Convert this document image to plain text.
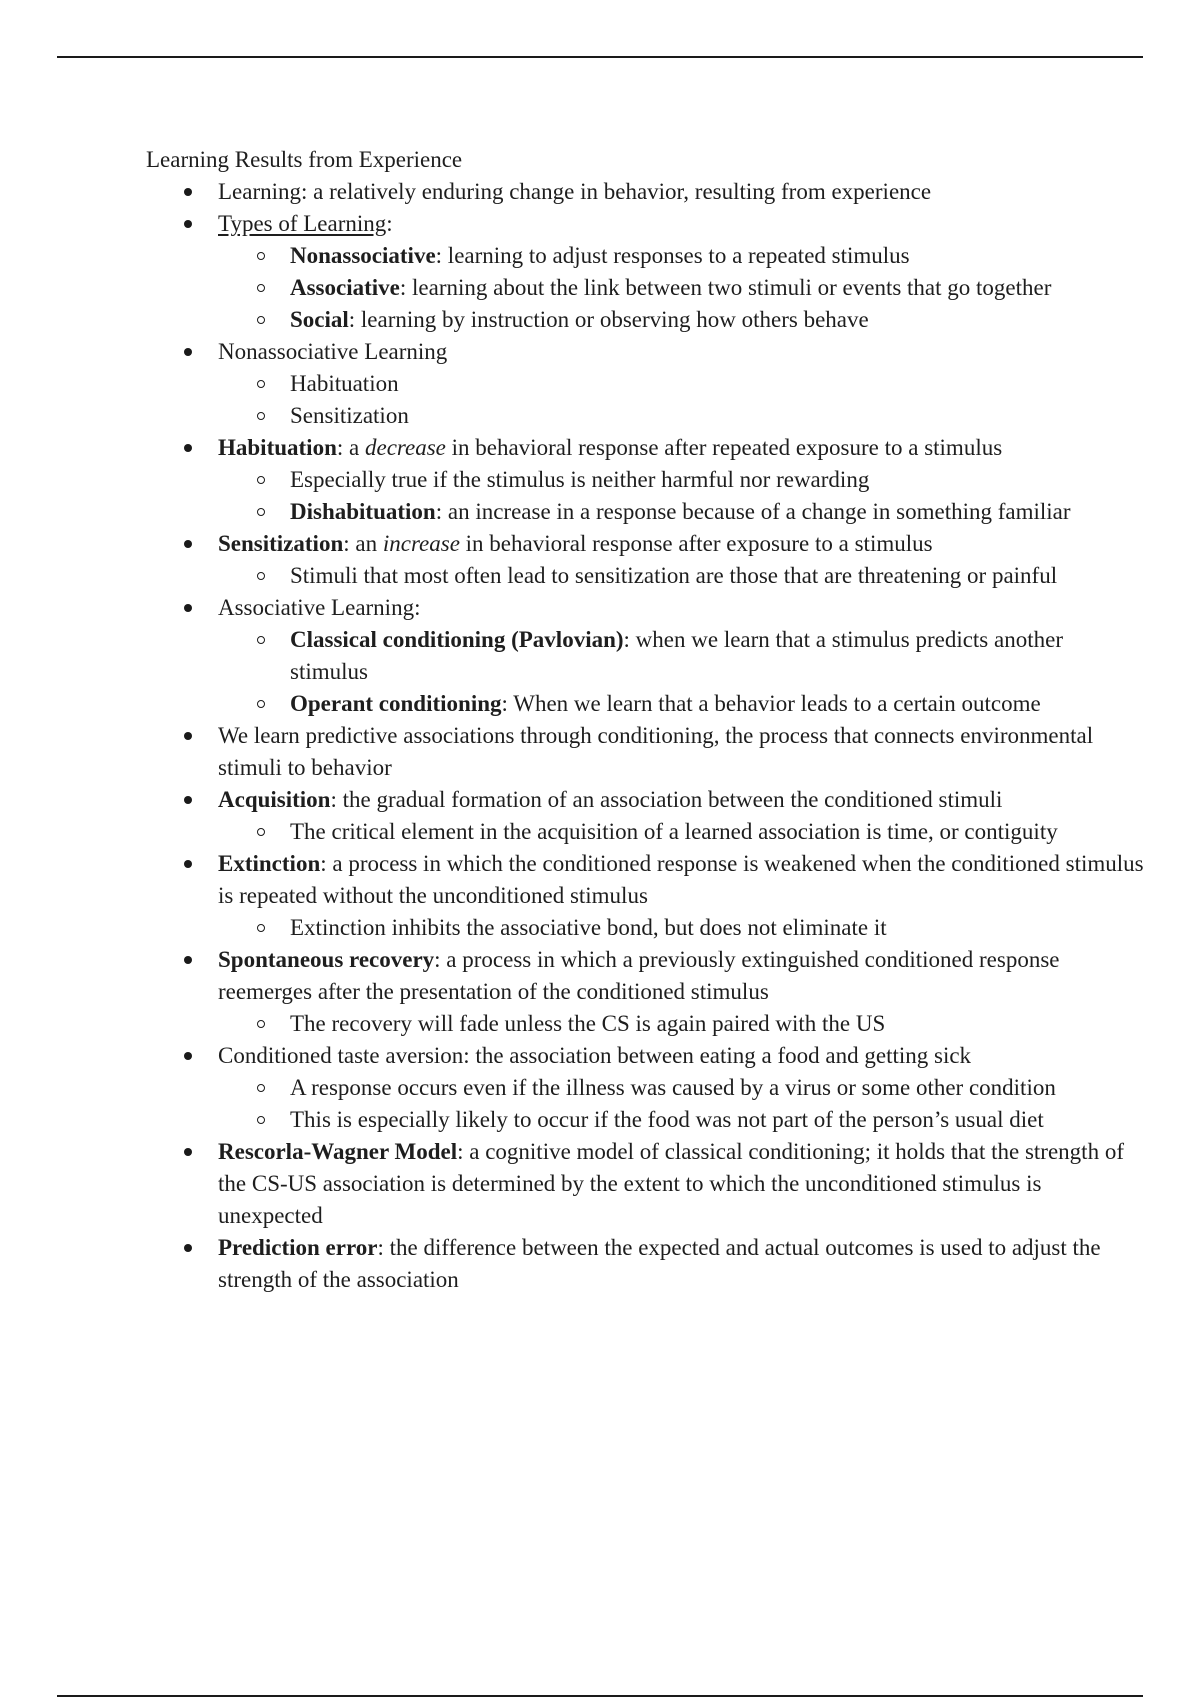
Learning Results from Experience
Learning: a relatively enduring change in behavior, resulting from experience
Types of Learning:
Nonassociative: learning to adjust responses to a repeated stimulus
Associative: learning about the link between two stimuli or events that go together
Social: learning by instruction or observing how others behave
Nonassociative Learning
Habituation
Sensitization
Habituation: a decrease in behavioral response after repeated exposure to a stimulus
Especially true if the stimulus is neither harmful nor rewarding
Dishabituation: an increase in a response because of a change in something familiar
Sensitization: an increase in behavioral response after exposure to a stimulus
Stimuli that most often lead to sensitization are those that are threatening or painful
Associative Learning:
Classical conditioning (Pavlovian): when we learn that a stimulus predicts another stimulus
Operant conditioning: When we learn that a behavior leads to a certain outcome
We learn predictive associations through conditioning, the process that connects environmental stimuli to behavior
Acquisition: the gradual formation of an association between the conditioned stimuli
The critical element in the acquisition of a learned association is time, or contiguity
Extinction: a process in which the conditioned response is weakened when the conditioned stimulus is repeated without the unconditioned stimulus
Extinction inhibits the associative bond, but does not eliminate it
Spontaneous recovery: a process in which a previously extinguished conditioned response reemerges after the presentation of the conditioned stimulus
The recovery will fade unless the CS is again paired with the US
Conditioned taste aversion: the association between eating a food and getting sick
A response occurs even if the illness was caused by a virus or some other condition
This is especially likely to occur if the food was not part of the person’s usual diet
Rescorla-Wagner Model: a cognitive model of classical conditioning; it holds that the strength of the CS-US association is determined by the extent to which the unconditioned stimulus is unexpected
Prediction error: the difference between the expected and actual outcomes is used to adjust the strength of the association
